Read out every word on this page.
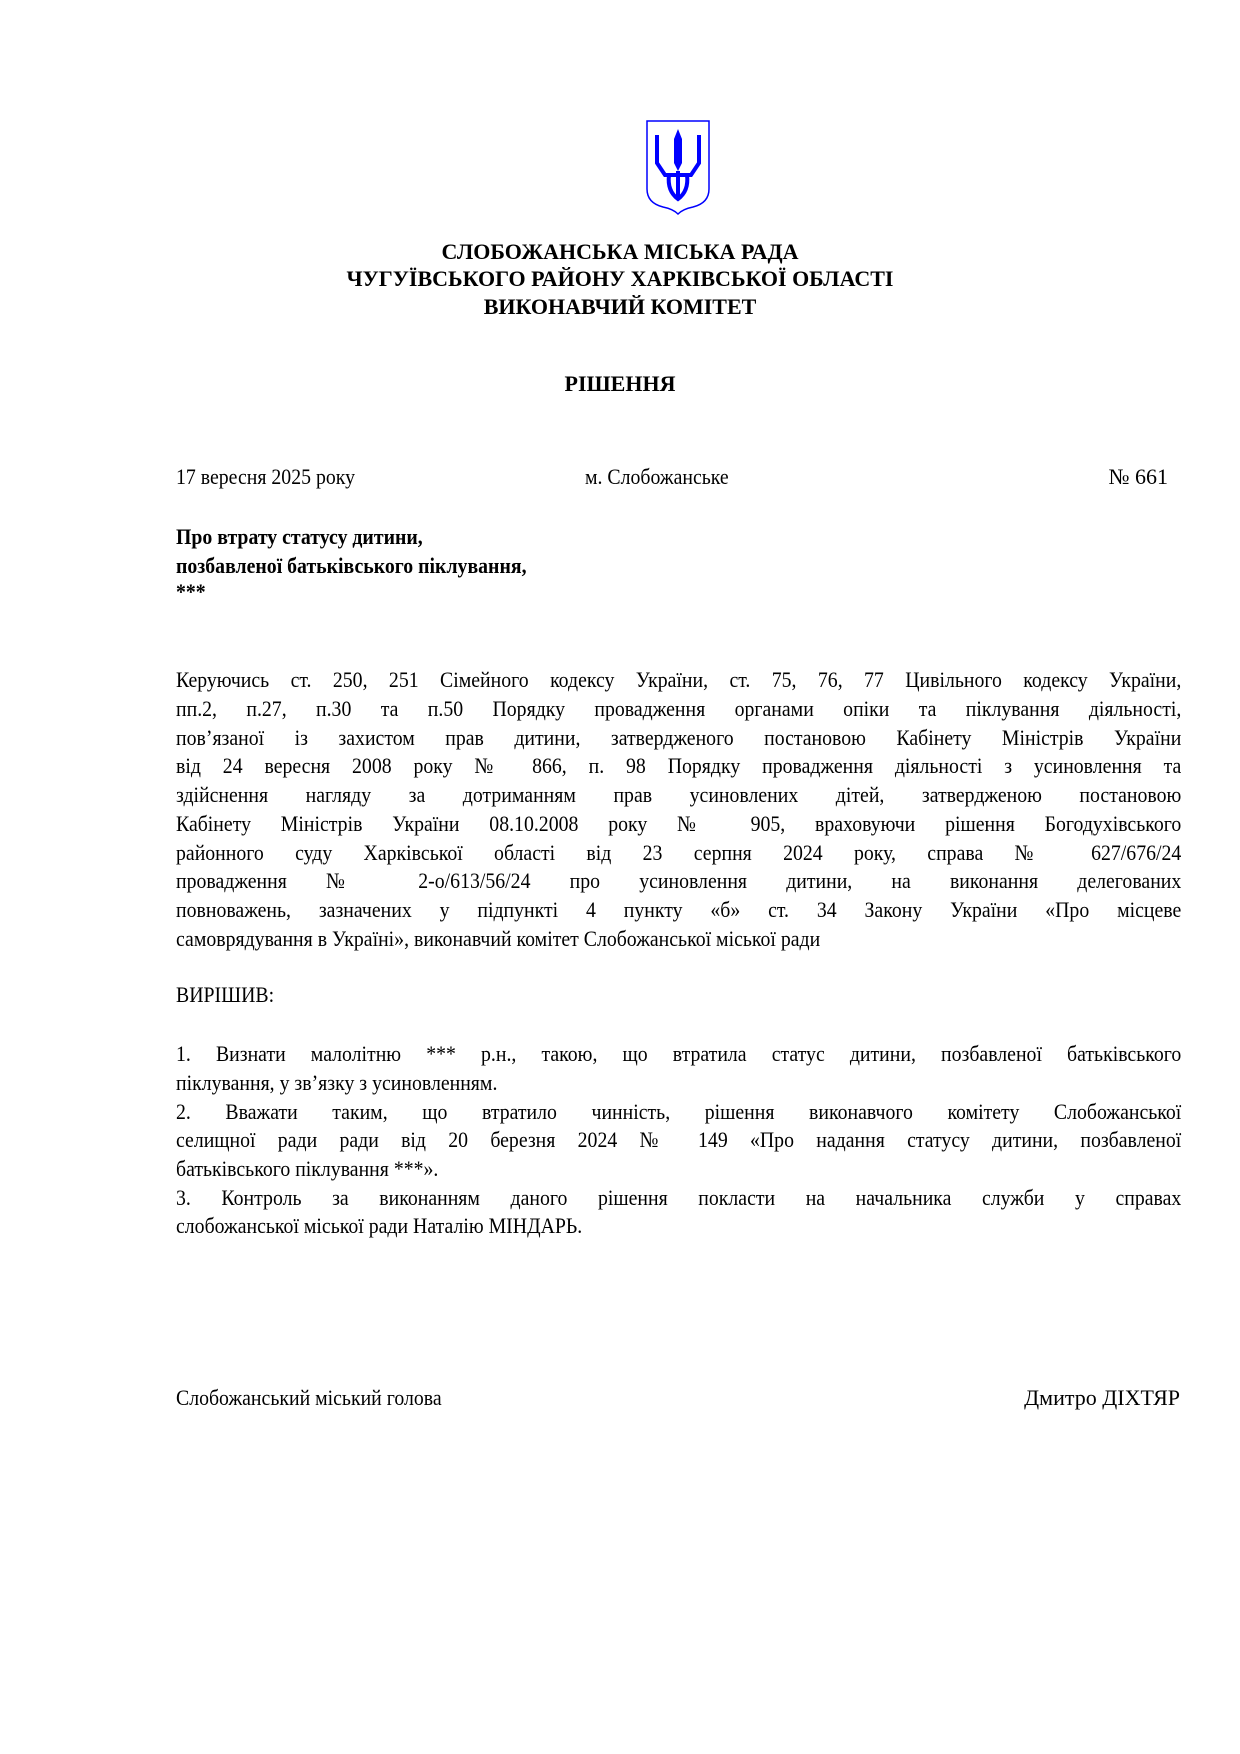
СЛОБОЖАНСЬКА МІСЬКА РАДА
ЧУГУЇВСЬКОГО РАЙОНУ ХАРКІВСЬКОЇ ОБЛАСТІ
ВИКОНАВЧИЙ КОМІТЕТ
РІШЕННЯ
17 вересня 2025 року	м. Слобожанське	№ 661
Про втрату статусу дитини,
позбавленої батьківського піклування,
***
Керуючись ст. 250, 251 Сімейного кодексу України, ст. 75, 76, 77 Цивільного кодексу України,
пп.2, п.27, п.30 та п.50 Порядку провадження органами опіки та піклування діяльності,
пов’язаної із захистом прав дитини, затвердженого постановою Кабінету Міністрів України
від 24 вересня 2008 року № 866, п. 98 Порядку провадження діяльності з усиновлення та
здійснення нагляду за дотриманням прав усиновлених дітей, затвердженою постановою
Кабінету Міністрів України 08.10.2008 року № 905, враховуючи рішення Богодухівського
районного суду Харківської області від 23 серпня 2024 року, справа № 627/676/24
провадження № 2-о/613/56/24 про усиновлення дитини, на виконання делегованих
повноважень, зазначених у підпункті 4 пункту «б» ст. 34 Закону України «Про місцеве
самоврядування в Україні», виконавчий комітет Слобожанської міської ради
ВИРІШИВ:
1. Визнати малолітню *** р.н., такою, що втратила статус дитини, позбавленої батьківського
піклування, у зв’язку з усиновленням.
2. Вважати таким, що втратило чинність, рішення виконавчого комітету Слобожанської
селищної ради ради від 20 березня 2024 № 149 «Про надання статусу дитини, позбавленої
батьківського піклування ***».
3. Контроль за виконанням даного рішення покласти на начальника служби у справах
слобожанської міської ради Наталію МІНДАРЬ.
Слобожанський міський голова	Дмитро ДІХТЯР
